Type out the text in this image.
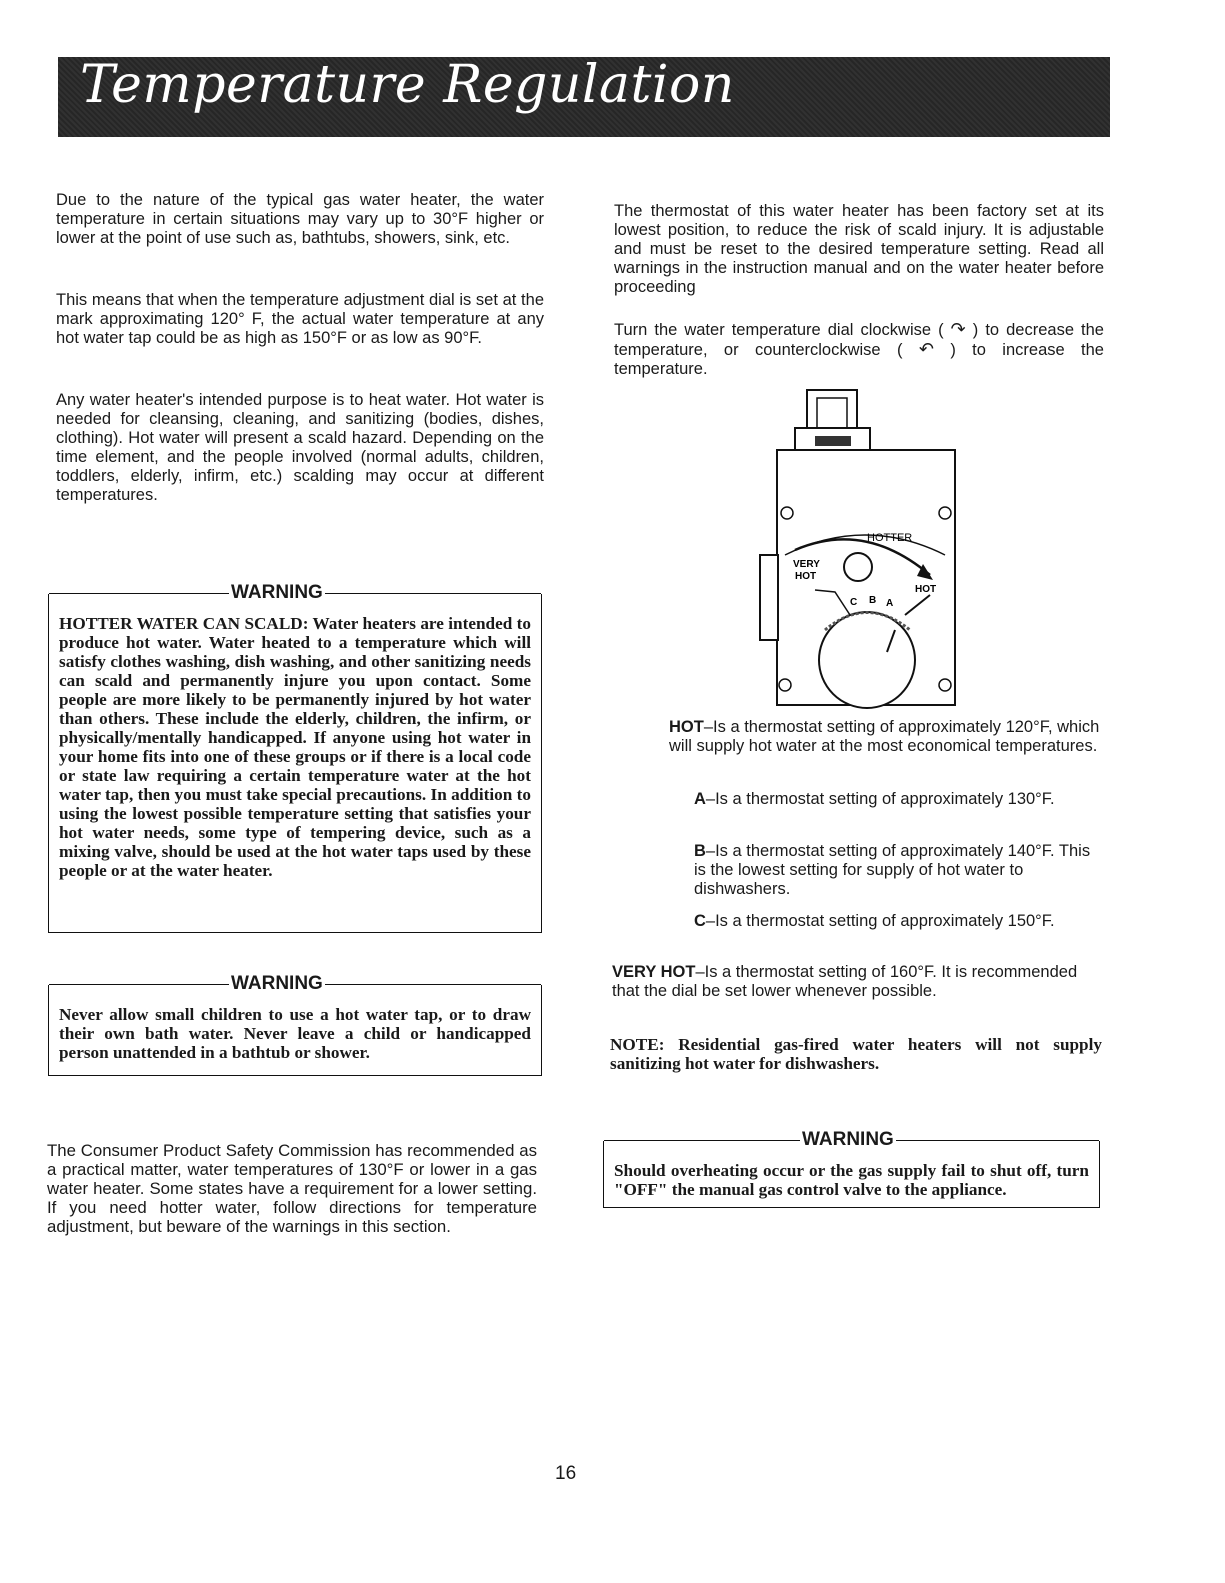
Temperature Regulation
Due to the nature of the typical gas water heater, the water temperature in certain situations may vary up to 30°F higher or lower at the point of use such as, bathtubs, showers, sink, etc.
This means that when the temperature adjustment dial is set at the mark approximating 120° F, the actual water temperature at any hot water tap could be as high as 150°F or as low as 90°F.
Any water heater's intended purpose is to heat water. Hot water is needed for cleansing, cleaning, and sanitizing (bodies, dishes, clothing). Hot water will present a scald hazard. Depending on the time element, and the people involved (normal adults, children, toddlers, elderly, infirm, etc.) scalding may occur at different temperatures.
WARNING
HOTTER WATER CAN SCALD: Water heaters are intended to produce hot water. Water heated to a temperature which will satisfy clothes washing, dish washing, and other sanitizing needs can scald and permanently injure you upon contact. Some people are more likely to be permanently injured by hot water than others. These include the elderly, children, the infirm, or physically/mentally handicapped. If anyone using hot water in your home fits into one of these groups or if there is a local code or state law requiring a certain temperature water at the hot water tap, then you must take special precautions. In addition to using the lowest possible temperature setting that satisfies your hot water needs, some type of tempering device, such as a mixing valve, should be used at the hot water taps used by these people or at the water heater.
WARNING
Never allow small children to use a hot water tap, or to draw their own bath water. Never leave a child or handicapped person unattended in a bathtub or shower.
The Consumer Product Safety Commission has recommended as a practical matter, water temperatures of 130°F or lower in a gas water heater. Some states have a requirement for a lower setting. If you need hotter water, follow directions for temperature adjustment, but beware of the warnings in this section.
The thermostat of this water heater has been factory set at its lowest position, to reduce the risk of scald injury. It is adjustable and must be reset to the desired temperature setting. Read all warnings in the instruction manual and on the water heater before proceeding
Turn the water temperature dial clockwise ( ↷ ) to decrease the temperature, or counterclockwise ( ↶ ) to increase the temperature.
HOTTER
VERY
HOT
HOT
C B A
HOT–Is a thermostat setting of approximately 120°F, which will supply hot water at the most economical temperatures.
A–Is a thermostat setting of approximately 130°F.
B–Is a thermostat setting of approximately 140°F. This is the lowest setting for supply of hot water to dishwashers.
C–Is a thermostat setting of approximately 150°F.
VERY HOT–Is a thermostat setting of 160°F. It is recommended that the dial be set lower whenever possible.
NOTE: Residential gas-fired water heaters will not supply sanitizing hot water for dishwashers.
WARNING
Should overheating occur or the gas supply fail to shut off, turn "OFF" the manual gas control valve to the appliance.
16
